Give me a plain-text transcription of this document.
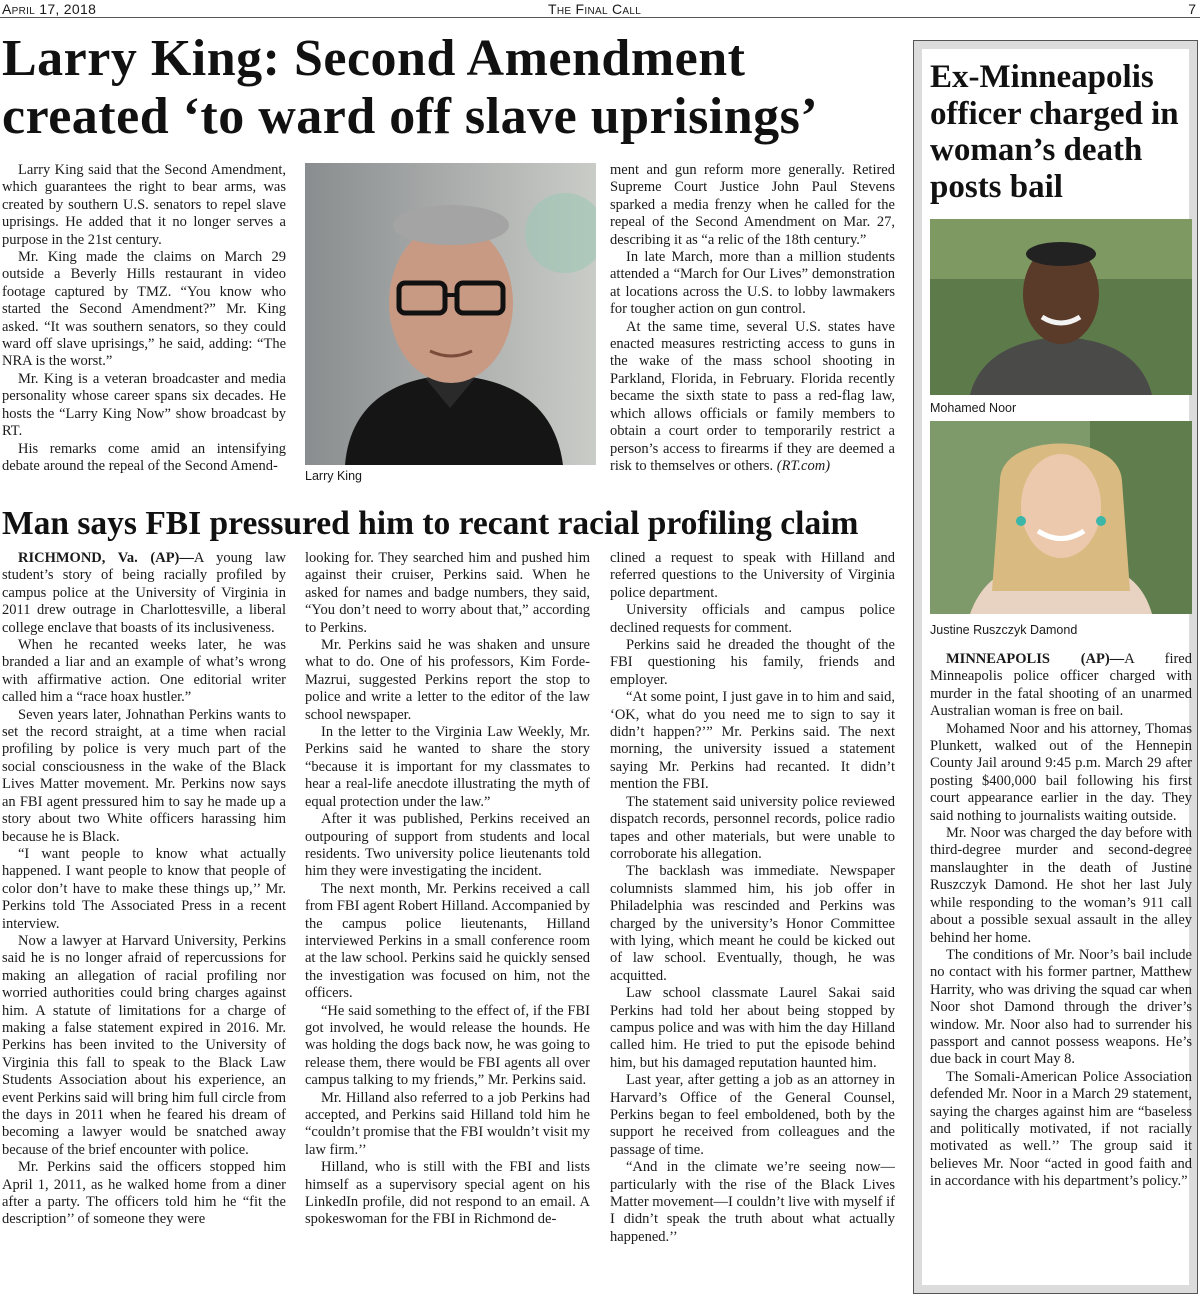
April 17, 2018	The Final Call	7
Larry King: Second Amendment created ‘to ward off slave uprisings’

Larry King said that the Second Amendment, which guarantees the right to bear arms, was created by southern U.S. senators to repel slave uprisings. He added that it no longer serves a purpose in the 21st century.

Mr. King made the claims on March 29 outside a Beverly Hills restaurant in video footage captured by TMZ. “You know who started the Second Amendment?” Mr. King asked. “It was southern senators, so they could ward off slave uprisings,” he said, adding: “The NRA is the worst.”

Mr. King is a veteran broadcaster and media personality whose career spans six decades. He hosts the “Larry King Now” show broadcast by RT.

His remarks come amid an intensifying debate around the repeal of the Second Amend-

Larry King

ment and gun reform more generally. Retired Supreme Court Justice John Paul Stevens sparked a media frenzy when he called for the repeal of the Second Amendment on Mar. 27, describing it as “a relic of the 18th century.”

In late March, more than a million students attended a “March for Our Lives” demonstration at locations across the U.S. to lobby lawmakers for tougher action on gun control.

At the same time, several U.S. states have enacted measures restricting access to guns in the wake of the mass school shooting in Parkland, Florida, in February. Florida recently became the sixth state to pass a red-flag law, which allows officials or family members to obtain a court order to temporarily restrict a person’s access to firearms if they are deemed a risk to themselves or others. (RT.com)

Man says FBI pressured him to recant racial profiling claim

RICHMOND, Va. (AP)—A young law student’s story of being racially profiled by campus police at the University of Virginia in 2011 drew outrage in Charlottesville, a liberal college enclave that boasts of its inclusiveness.

When he recanted weeks later, he was branded a liar and an example of what’s wrong with affirmative action. One editorial writer called him a “race hoax hustler.”

Seven years later, Johnathan Perkins wants to set the record straight, at a time when racial profiling by police is very much part of the social consciousness in the wake of the Black Lives Matter movement. Mr. Perkins now says an FBI agent pressured him to say he made up a story about two White officers harassing him because he is Black.

“I want people to know what actually happened. I want people to know that people of color don’t have to make these things up,’’ Mr. Perkins told The Associated Press in a recent interview.

Now a lawyer at Harvard University, Perkins said he is no longer afraid of repercussions for making an allegation of racial profiling nor worried authorities could bring charges against him. A statute of limitations for a charge of making a false statement expired in 2016. Mr. Perkins has been invited to the University of Virginia this fall to speak to the Black Law Students Association about his experience, an event Perkins said will bring him full circle from the days in 2011 when he feared his dream of becoming a lawyer would be snatched away because of the brief encounter with police.

Mr. Perkins said the officers stopped him April 1, 2011, as he walked home from a diner after a party. The officers told him he “fit the description’’ of someone they were

looking for. They searched him and pushed him against their cruiser, Perkins said. When he asked for names and badge numbers, they said, “You don’t need to worry about that,” according to Perkins.

Mr. Perkins said he was shaken and unsure what to do. One of his professors, Kim Forde-Mazrui, suggested Perkins report the stop to police and write a letter to the editor of the law school newspaper.

In the letter to the Virginia Law Weekly, Mr. Perkins said he wanted to share the story “because it is important for my classmates to hear a real-life anecdote illustrating the myth of equal protection under the law.”

After it was published, Perkins received an outpouring of support from students and local residents. Two university police lieutenants told him they were investigating the incident.

The next month, Mr. Perkins received a call from FBI agent Robert Hilland. Accompanied by the campus police lieutenants, Hilland interviewed Perkins in a small conference room at the law school. Perkins said he quickly sensed the investigation was focused on him, not the officers.

“He said something to the effect of, if the FBI got involved, he would release the hounds. He was holding the dogs back now, he was going to release them, there would be FBI agents all over campus talking to my friends,” Mr. Perkins said.

Mr. Hilland also referred to a job Perkins had accepted, and Perkins said Hilland told him he “couldn’t promise that the FBI wouldn’t visit my law firm.’’

Hilland, who is still with the FBI and lists himself as a supervisory special agent on his LinkedIn profile, did not respond to an email. A spokeswoman for the FBI in Richmond de-

clined a request to speak with Hilland and referred questions to the University of Virginia police department.

University officials and campus police declined requests for comment.

Perkins said he dreaded the thought of the FBI questioning his family, friends and employer.

“At some point, I just gave in to him and said, ‘OK, what do you need me to sign to say it didn’t happen?’” Mr. Perkins said. The next morning, the university issued a statement saying Mr. Perkins had recanted. It didn’t mention the FBI.

The statement said university police reviewed dispatch records, personnel records, police radio tapes and other materials, but were unable to corroborate his allegation.

The backlash was immediate. Newspaper columnists slammed him, his job offer in Philadelphia was rescinded and Perkins was charged by the university’s Honor Committee with lying, which meant he could be kicked out of law school. Eventually, though, he was acquitted.

Law school classmate Laurel Sakai said Perkins had told her about being stopped by campus police and was with him the day Hilland called him. He tried to put the episode behind him, but his damaged reputation haunted him.

Last year, after getting a job as an attorney in Harvard’s Office of the General Counsel, Perkins began to feel emboldened, both by the support he received from colleagues and the passage of time.

“And in the climate we’re seeing now—particularly with the rise of the Black Lives Matter movement—I couldn’t live with myself if I didn’t speak the truth about what actually happened.’’

Ex-Minneapolis officer charged in woman’s death posts bail
Mohamed Noor
Justine Ruszczyk Damond

MINNEAPOLIS (AP)—A fired Minneapolis police officer charged with murder in the fatal shooting of an unarmed Australian woman is free on bail.

Mohamed Noor and his attorney, Thomas Plunkett, walked out of the Hennepin County Jail around 9:45 p.m. March 29 after posting $400,000 bail following his first court appearance earlier in the day. They said nothing to journalists waiting outside.

Mr. Noor was charged the day before with third-degree murder and second-degree manslaughter in the death of Justine Ruszczyk Damond. He shot her last July while responding to the woman’s 911 call about a possible sexual assault in the alley behind her home.

The conditions of Mr. Noor’s bail include no contact with his former partner, Matthew Harrity, who was driving the squad car when Noor shot Damond through the driver’s window. Mr. Noor also had to surrender his passport and cannot possess weapons. He’s due back in court May 8.

The Somali-American Police Association defended Mr. Noor in a March 29 statement, saying the charges against him are “baseless and politically motivated, if not racially motivated as well.’’ The group said it believes Mr. Noor “acted in good faith and in accordance with his department’s policy.”
